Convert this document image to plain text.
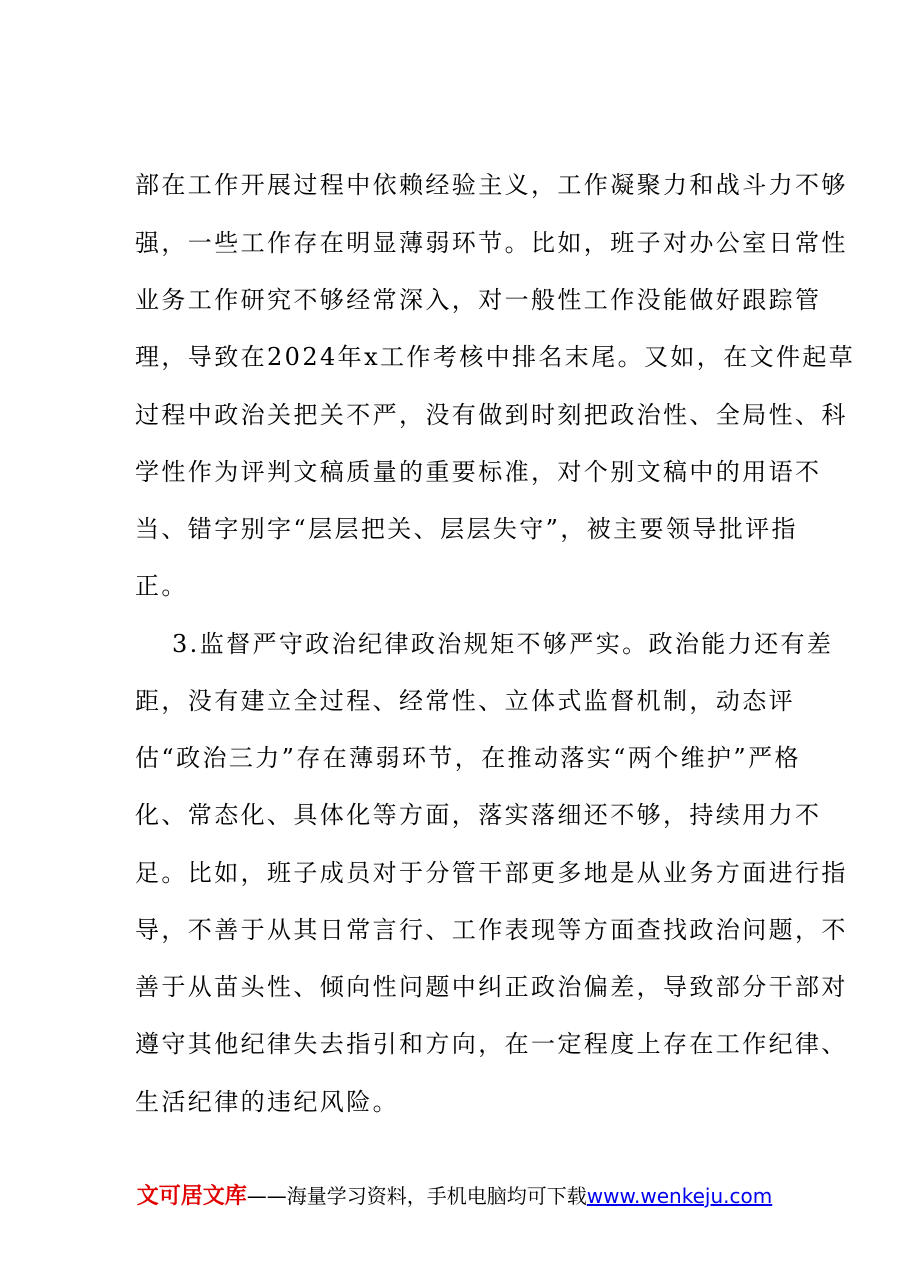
部在工作开展过程中依赖经验主义，工作凝聚力和战斗力不够
强，一些工作存在明显薄弱环节。比如，班子对办公室日常性
业务工作研究不够经常深入，对一般性工作没能做好跟踪管
理，导致在2024年x工作考核中排名末尾。又如，在文件起草
过程中政治关把关不严，没有做到时刻把政治性、全局性、科
学性作为评判文稿质量的重要标准，对个别文稿中的用语不
当、错字别字“层层把关、层层失守”，被主要领导批评指
正。
3.监督严守政治纪律政治规矩不够严实。政治能力还有差
距，没有建立全过程、经常性、立体式监督机制，动态评
估“政治三力”存在薄弱环节，在推动落实“两个维护”严格
化、常态化、具体化等方面，落实落细还不够，持续用力不
足。比如，班子成员对于分管干部更多地是从业务方面进行指
导，不善于从其日常言行、工作表现等方面查找政治问题，不
善于从苗头性、倾向性问题中纠正政治偏差，导致部分干部对
遵守其他纪律失去指引和方向，在一定程度上存在工作纪律、
生活纪律的违纪风险。
文可居文库——海量学习资料，手机电脑均可下载www.wenkeju.com
